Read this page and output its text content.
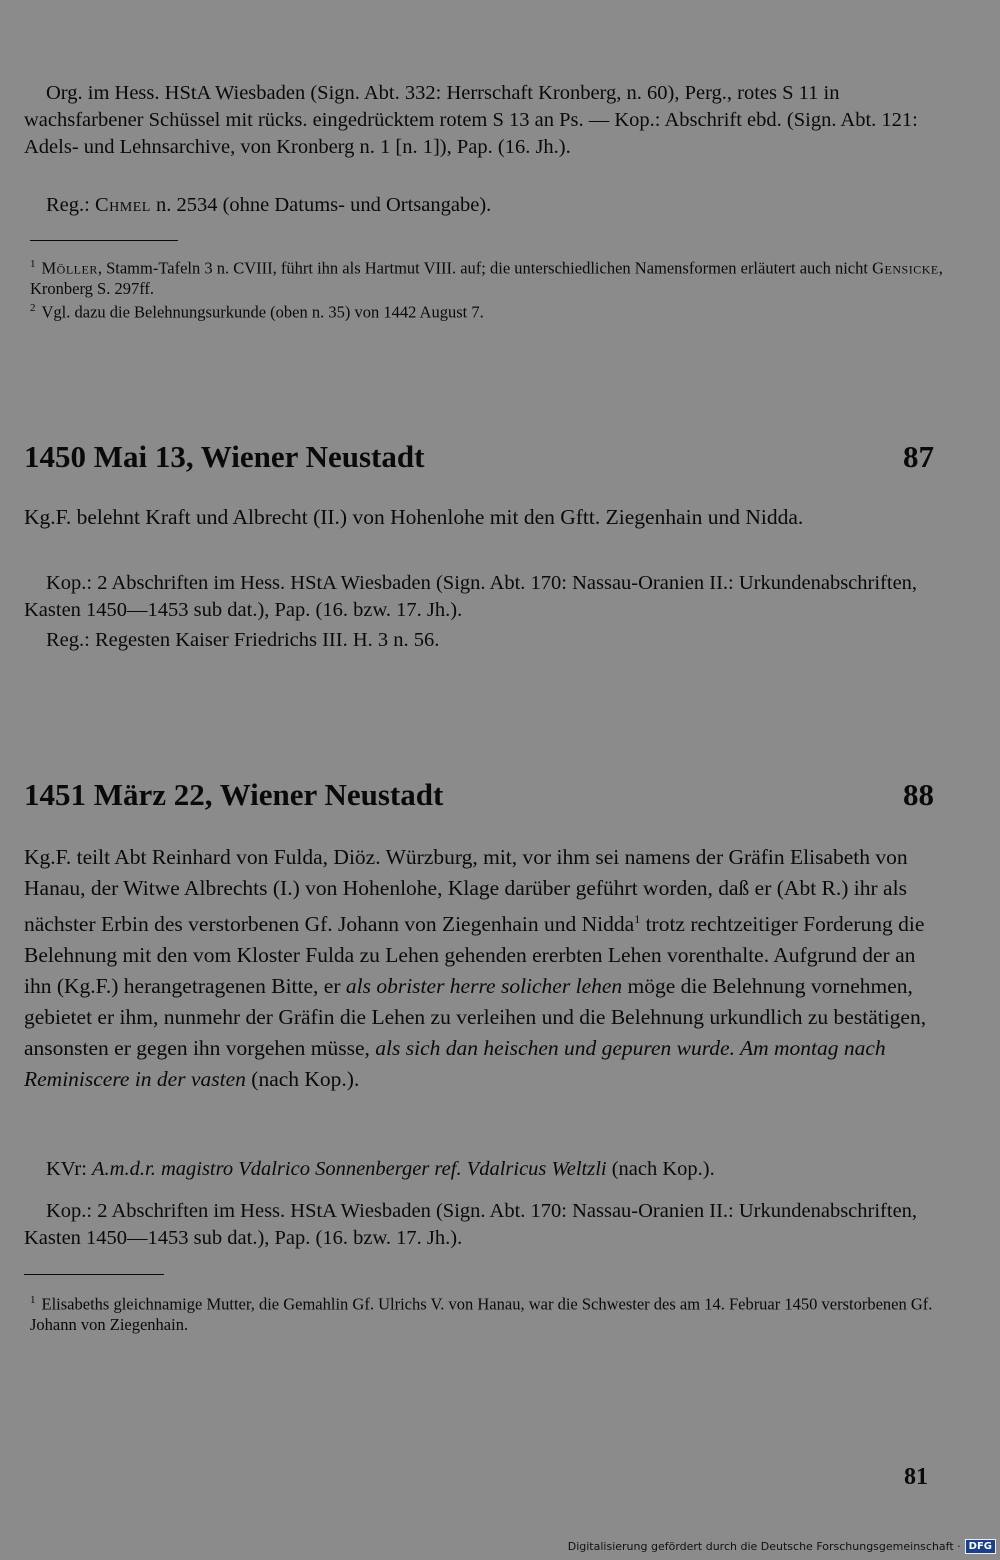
Org. im Hess. HStA Wiesbaden (Sign. Abt. 332: Herrschaft Kronberg, n. 60), Perg., rotes S 11 in wachsfarbener Schüssel mit rücks. eingedrücktem rotem S 13 an Ps. — Kop.: Abschrift ebd. (Sign. Abt. 121: Adels- und Lehnsarchive, von Kronberg n. 1 [n. 1]), Pap. (16. Jh.).
Reg.: Chmel n. 2534 (ohne Datums- und Ortsangabe).
$^1$ Möller, Stamm-Tafeln 3 n. CVIII, führt ihn als Hartmut VIII. auf; die unterschiedlichen Namensformen erläutert auch nicht Gensicke, Kronberg S. 297ff.
$^2$ Vgl. dazu die Belehnungsurkunde (oben n. 35) von 1442 August 7.
1450 Mai 13, Wiener Neustadt	87
Kg.F. belehnt Kraft und Albrecht (II.) von Hohenlohe mit den Gftt. Ziegenhain und Nidda.
Kop.: 2 Abschriften im Hess. HStA Wiesbaden (Sign. Abt. 170: Nassau-Oranien II.: Urkundenabschriften, Kasten 1450—1453 sub dat.), Pap. (16. bzw. 17. Jh.).
Reg.: Regesten Kaiser Friedrichs III. H. 3 n. 56.
1451 März 22, Wiener Neustadt	88
Kg.F. teilt Abt Reinhard von Fulda, Diöz. Würzburg, mit, vor ihm sei namens der Gräfin Elisabeth von Hanau, der Witwe Albrechts (I.) von Hohenlohe, Klage darüber geführt worden, daß er (Abt R.) ihr als nächster Erbin des verstorbenen Gf. Johann von Ziegenhain und Nidda$^1$ trotz rechtzeitiger Forderung die Belehnung mit den vom Kloster Fulda zu Lehen gehenden ererbten Lehen vorenthalte. Aufgrund der an ihn (Kg.F.) herangetragenen Bitte, er als obrister herre solicher lehen möge die Belehnung vornehmen, gebietet er ihm, nunmehr der Gräfin die Lehen zu verleihen und die Belehnung urkundlich zu bestätigen, ansonsten er gegen ihn vorgehen müsse, als sich dan heischen und gepuren wurde. Am montag nach Reminiscere in der vasten (nach Kop.).
KVr: A.m.d.r. magistro Vdalrico Sonnenberger ref. Vdalricus Weltzli (nach Kop.).
Kop.: 2 Abschriften im Hess. HStA Wiesbaden (Sign. Abt. 170: Nassau-Oranien II.: Urkundenabschriften, Kasten 1450—1453 sub dat.), Pap. (16. bzw. 17. Jh.).
$^1$ Elisabeths gleichnamige Mutter, die Gemahlin Gf. Ulrichs V. von Hanau, war die Schwester des am 14. Februar 1450 verstorbenen Gf. Johann von Ziegenhain.
81
Digitalisierung gefördert durch die Deutsche Forschungsgemeinschaft · DFG
